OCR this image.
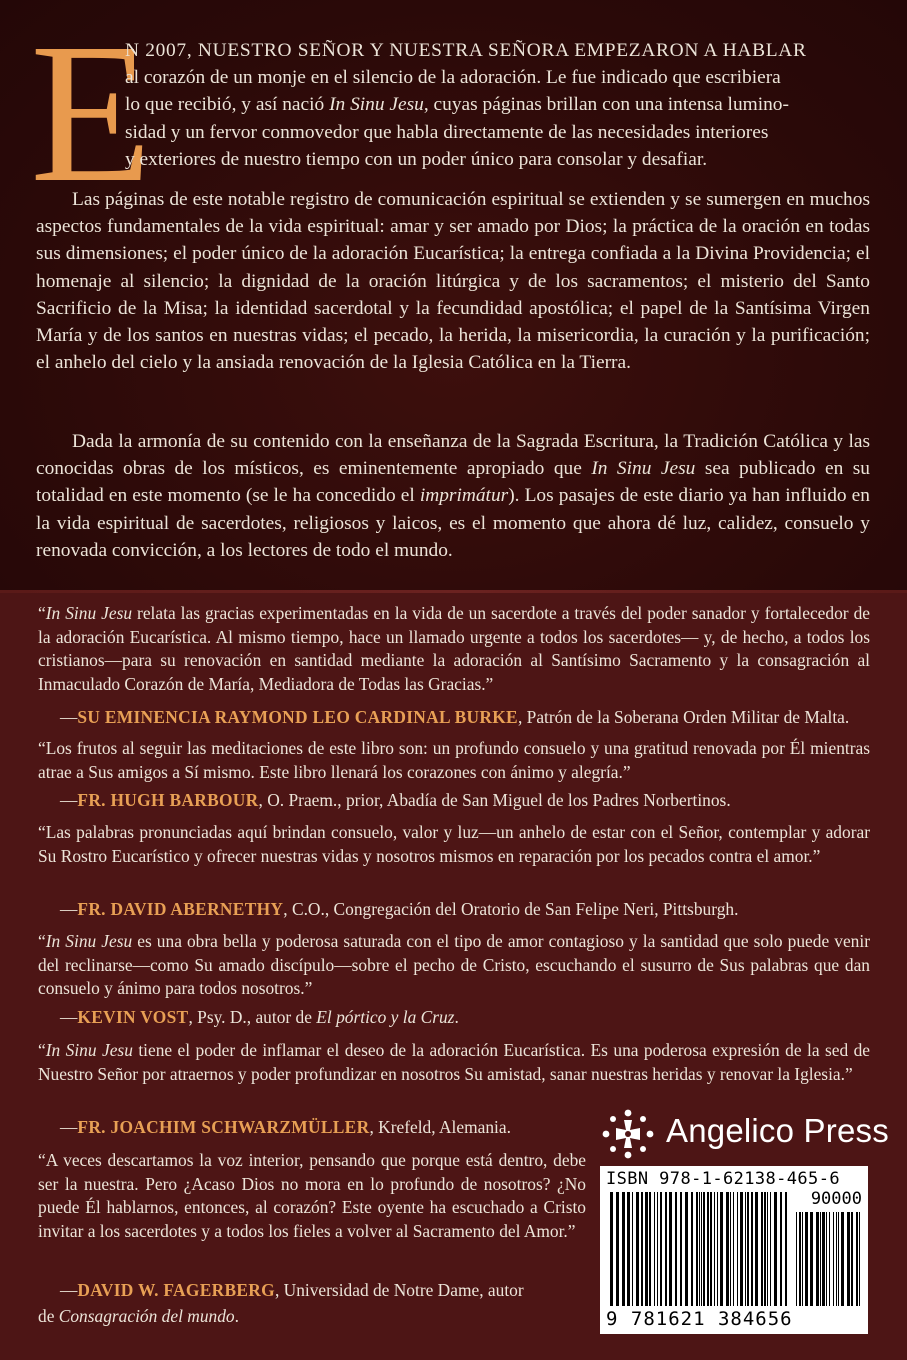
E
N 2007, NUESTRO SEÑOR Y NUESTRA SEÑORA EMPEZARON A HABLAR
al corazón de un monje en el silencio de la adoración. Le fue indicado que escribiera
lo que recibió, y así nació In Sinu Jesu, cuyas páginas brillan con una intensa lumino-
sidad y un fervor conmovedor que habla directamente de las necesidades interiores
y exteriores de nuestro tiempo con un poder único para consolar y desafiar.
Las páginas de este notable registro de comunicación espiritual se extienden y se sumergen en muchos aspectos fundamentales de la vida espiritual: amar y ser amado por Dios; la práctica de la oración en todas sus dimensiones; el poder único de la adoración Eucarística; la entrega confiada a la Divina Providencia; el homenaje al silencio; la dignidad de la oración litúrgica y de los sacramentos; el misterio del Santo Sacrificio de la Misa; la identidad sacerdotal y la fecundidad apostólica; el papel de la Santísima Virgen María y de los santos en nuestras vidas; el pecado, la herida, la misericordia, la curación y la purificación; el anhelo del cielo y la ansiada renovación de la Iglesia Católica en la Tierra.
Dada la armonía de su contenido con la enseñanza de la Sagrada Escritura, la Tradición Católica y las conocidas obras de los místicos, es eminentemente apropiado que In Sinu Jesu sea publicado en su totalidad en este momento (se le ha concedido el imprimátur). Los pasajes de este diario ya han influido en la vida espiritual de sacerdotes, religiosos y laicos, es el momento que ahora dé luz, calidez, consuelo y renovada convicción, a los lectores de todo el mundo.
“In Sinu Jesu relata las gracias experimentadas en la vida de un sacerdote a través del poder sanador y fortalecedor de la adoración Eucarística. Al mismo tiempo, hace un llamado urgente a todos los sacerdotes— y, de hecho, a todos los cristianos—para su renovación en santidad mediante la adoración al Santísimo Sacramento y la consagración al Inmaculado Corazón de María, Mediadora de Todas las Gracias.”
—SU EMINENCIA RAYMOND LEO CARDINAL BURKE, Patrón de la Soberana Orden Militar de Malta.
“Los frutos al seguir las meditaciones de este libro son: un profundo consuelo y una gratitud renovada por Él mientras atrae a Sus amigos a Sí mismo. Este libro llenará los corazones con ánimo y alegría.”
—FR. HUGH BARBOUR, O. Praem., prior, Abadía de San Miguel de los Padres Norbertinos.
“Las palabras pronunciadas aquí brindan consuelo, valor y luz—un anhelo de estar con el Señor, contemplar y adorar Su Rostro Eucarístico y ofrecer nuestras vidas y nosotros mismos en reparación por los pecados contra el amor.”
—FR. DAVID ABERNETHY, C.O., Congregación del Oratorio de San Felipe Neri, Pittsburgh.
“In Sinu Jesu es una obra bella y poderosa saturada con el tipo de amor contagioso y la santidad que solo puede venir del reclinarse—como Su amado discípulo—sobre el pecho de Cristo, escuchando el susurro de Sus palabras que dan consuelo y ánimo para todos nosotros.”
—KEVIN VOST, Psy. D., autor de El pórtico y la Cruz.
“In Sinu Jesu tiene el poder de inflamar el deseo de la adoración Eucarística. Es una poderosa expresión de la sed de Nuestro Señor por atraernos y poder profundizar en nosotros Su amistad, sanar nuestras heridas y renovar la Iglesia.”
—FR. JOACHIM SCHWARZMÜLLER, Krefeld, Alemania.
“A veces descartamos la voz interior, pensando que porque está dentro, debe ser la nuestra. Pero ¿Acaso Dios no mora en lo profundo de nosotros? ¿No puede Él hablarnos, entonces, al corazón? Este oyente ha escuchado a Cristo invitar a los sacerdotes y a todos los fieles a volver al Sacramento del Amor.”
—DAVID W. FAGERBERG, Universidad de Notre Dame, autor
de Consagración del mundo.
Angelico Press
ISBN 978-1-62138-465-6
90000
9 781621 384656
